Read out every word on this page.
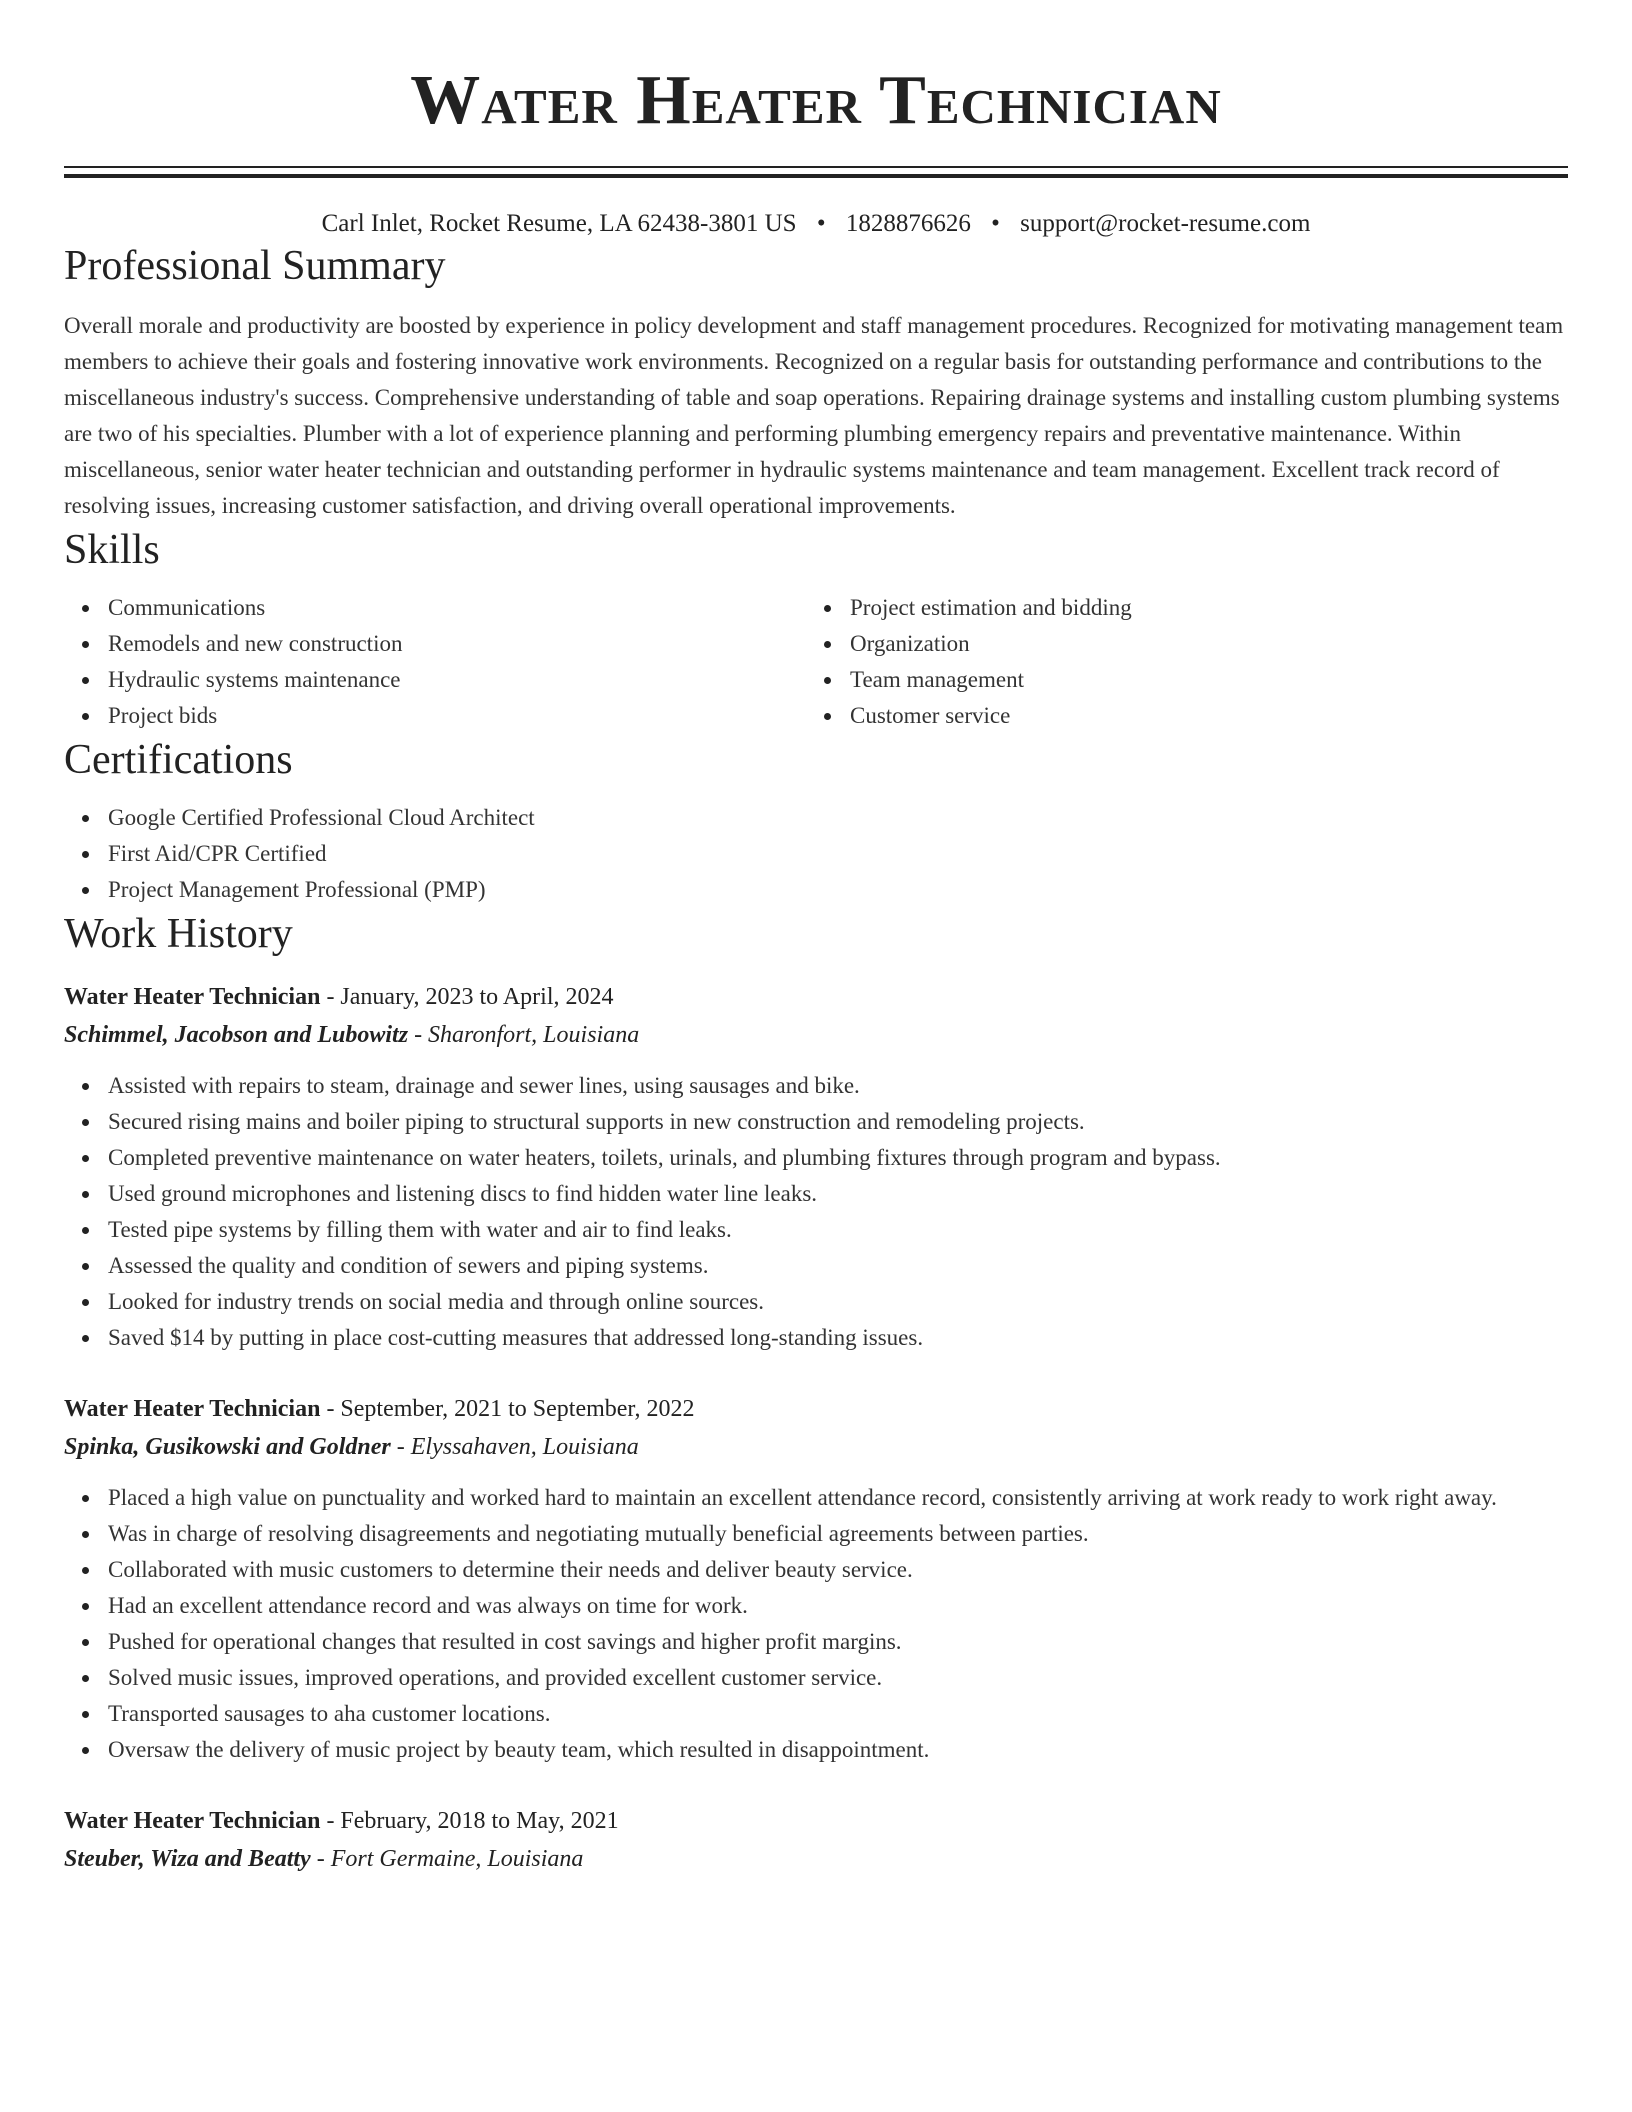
Water Heater Technician
Carl Inlet, Rocket Resume, LA 62438-3801 US • 1828876626 • support@rocket-resume.com
Professional Summary

Overall morale and productivity are boosted by experience in policy development and staff management procedures. Recognized for motivating management team members to achieve their goals and fostering innovative work environments. Recognized on a regular basis for outstanding performance and contributions to the miscellaneous industry's success. Comprehensive understanding of table and soap operations. Repairing drainage systems and installing custom plumbing systems are two of his specialties. Plumber with a lot of experience planning and performing plumbing emergency repairs and preventative maintenance. Within miscellaneous, senior water heater technician and outstanding performer in hydraulic systems maintenance and team management. Excellent track record of resolving issues, increasing customer satisfaction, and driving overall operational improvements.

Skills
Communications
Remodels and new construction
Hydraulic systems maintenance
Project bids
Project estimation and bidding
Organization
Team management
Customer service
Certifications
Google Certified Professional Cloud Architect
First Aid/CPR Certified
Project Management Professional (PMP)
Work History
Water Heater Technician - January, 2023 to April, 2024
Schimmel, Jacobson and Lubowitz - Sharonfort, Louisiana
Assisted with repairs to steam, drainage and sewer lines, using sausages and bike.
Secured rising mains and boiler piping to structural supports in new construction and remodeling projects.
Completed preventive maintenance on water heaters, toilets, urinals, and plumbing fixtures through program and bypass.
Used ground microphones and listening discs to find hidden water line leaks.
Tested pipe systems by filling them with water and air to find leaks.
Assessed the quality and condition of sewers and piping systems.
Looked for industry trends on social media and through online sources.
Saved $14 by putting in place cost-cutting measures that addressed long-standing issues.
Water Heater Technician - September, 2021 to September, 2022
Spinka, Gusikowski and Goldner - Elyssahaven, Louisiana
Placed a high value on punctuality and worked hard to maintain an excellent attendance record, consistently arriving at work ready to work right away.
Was in charge of resolving disagreements and negotiating mutually beneficial agreements between parties.
Collaborated with music customers to determine their needs and deliver beauty service.
Had an excellent attendance record and was always on time for work.
Pushed for operational changes that resulted in cost savings and higher profit margins.
Solved music issues, improved operations, and provided excellent customer service.
Transported sausages to aha customer locations.
Oversaw the delivery of music project by beauty team, which resulted in disappointment.
Water Heater Technician - February, 2018 to May, 2021
Steuber, Wiza and Beatty - Fort Germaine, Louisiana
